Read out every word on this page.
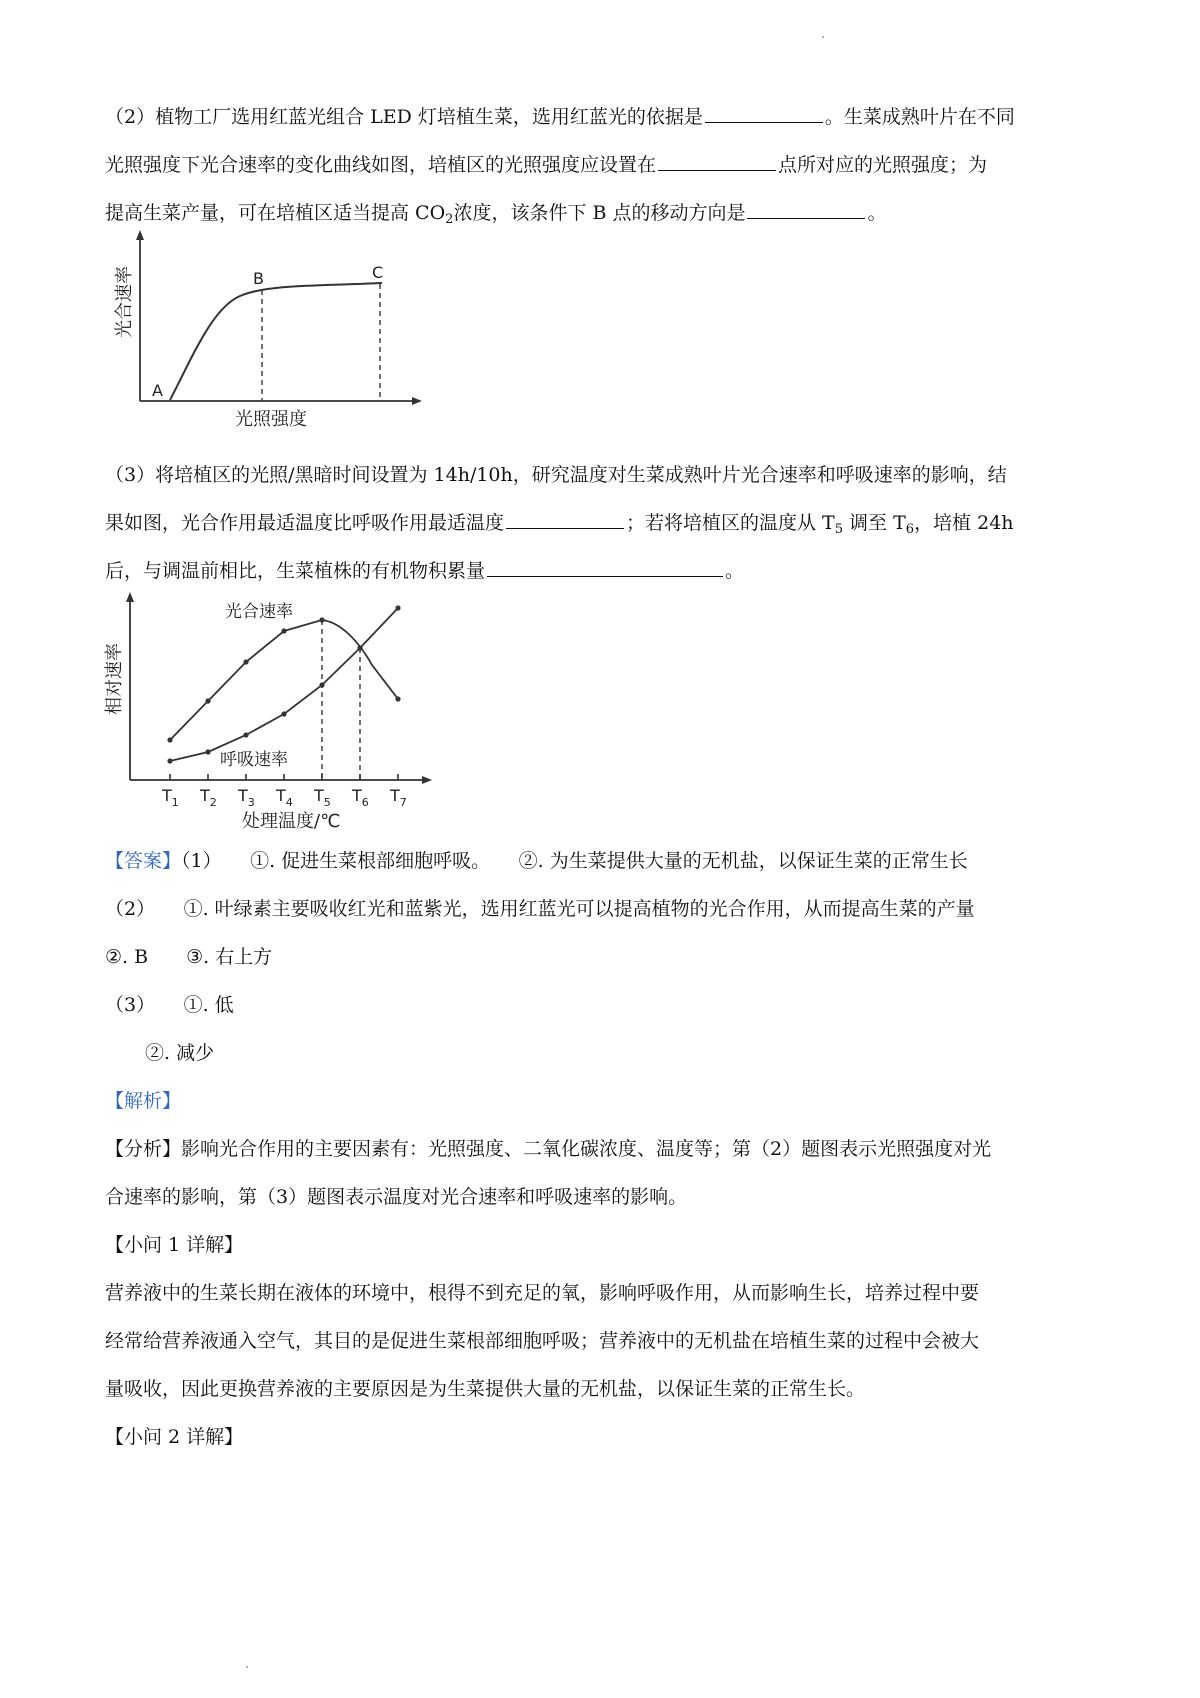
（2）植物工厂选用红蓝光组合 LED 灯培植生菜，选用红蓝光的依据是	。生菜成熟叶片在不同
光照强度下光合速率的变化曲线如图，培植区的光照强度应设置在	点所对应的光照强度；为
提高生菜产量，可在培植区适当提高 $CO_2$浓度，该条件下 B 点的移动方向是	。
A
B	C
光照强度
光合速率
（3）将培植区的光照/黑暗时间设置为 14h/10h，研究温度对生菜成熟叶片光合速率和呼吸速率的影响，结
果如图，光合作用最适温度比呼吸作用最适温度	；若将培植区的温度从 $T_5$ 调至 $T_6$，培植 24h
后，与调温前相比，生菜植株的有机物积累量	。
光合速率
呼吸速率
$T_1$ $T_2$ $T_3$ $T_4$ $T_5$ $T_6$ $T_7$
处理温度/℃
相对速率
【答案】（1）　　①. 促进生菜根部细胞呼吸。　　②. 为生菜提供大量的无机盐，以保证生菜的正常生长
（2）　　①. 叶绿素主要吸收红光和蓝紫光，选用红蓝光可以提高植物的光合作用，从而提高生菜的产量
②. B　　③. 右上方
（3）　　①. 低
②. 减少
【解析】
【分析】影响光合作用的主要因素有：光照强度、二氧化碳浓度、温度等；第（2）题图表示光照强度对光
合速率的影响，第（3）题图表示温度对光合速率和呼吸速率的影响。
【小问 1 详解】
营养液中的生菜长期在液体的环境中，根得不到充足的氧，影响呼吸作用，从而影响生长，培养过程中要
经常给营养液通入空气，其目的是促进生菜根部细胞呼吸；营养液中的无机盐在培植生菜的过程中会被大
量吸收，因此更换营养液的主要原因是为生菜提供大量的无机盐，以保证生菜的正常生长。
【小问 2 详解】
